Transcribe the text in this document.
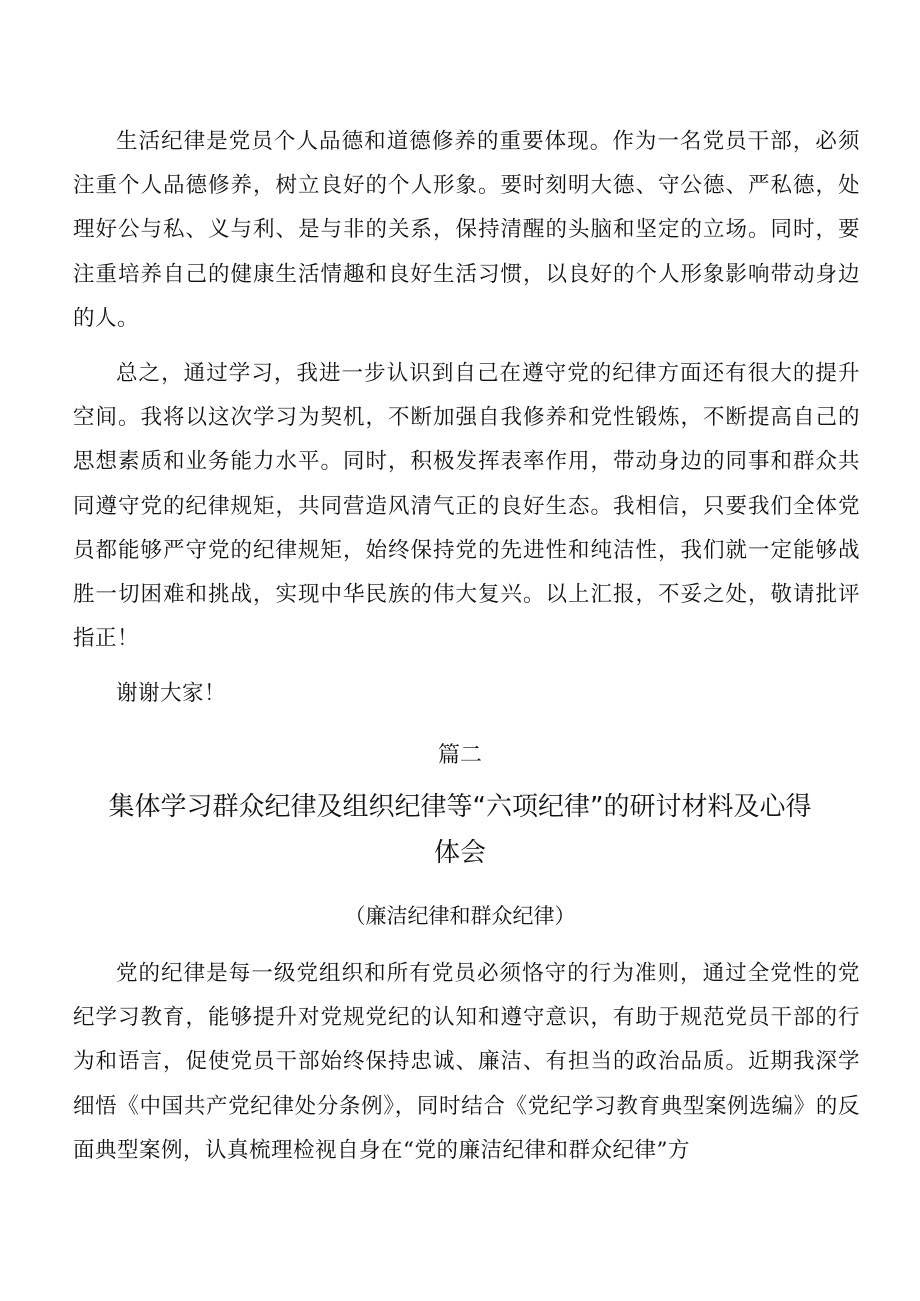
生活纪律是党员个人品德和道德修养的重要体现。作为一名党员干部，必须注重个人品德修养，树立良好的个人形象。要时刻明大德、守公德、严私德，处理好公与私、义与利、是与非的关系，保持清醒的头脑和坚定的立场。同时，要注重培养自己的健康生活情趣和良好生活习惯，以良好的个人形象影响带动身边的人。

总之，通过学习，我进一步认识到自己在遵守党的纪律方面还有很大的提升空间。我将以这次学习为契机，不断加强自我修养和党性锻炼，不断提高自己的思想素质和业务能力水平。同时，积极发挥表率作用，带动身边的同事和群众共同遵守党的纪律规矩，共同营造风清气正的良好生态。我相信，只要我们全体党员都能够严守党的纪律规矩，始终保持党的先进性和纯洁性，我们就一定能够战胜一切困难和挑战，实现中华民族的伟大复兴。以上汇报，不妥之处，敬请批评指正！

谢谢大家！

篇二
集体学习群众纪律及组织纪律等“六项纪律”的研讨材料及心得体会
（廉洁纪律和群众纪律）

党的纪律是每一级党组织和所有党员必须恪守的行为准则，通过全党性的党纪学习教育，能够提升对党规党纪的认知和遵守意识，有助于规范党员干部的行为和语言，促使党员干部始终保持忠诚、廉洁、有担当的政治品质。近期我深学细悟《中国共产党纪律处分条例》，同时结合《党纪学习教育典型案例选编》的反面典型案例，认真梳理检视自身在“党的廉洁纪律和群众纪律”方
